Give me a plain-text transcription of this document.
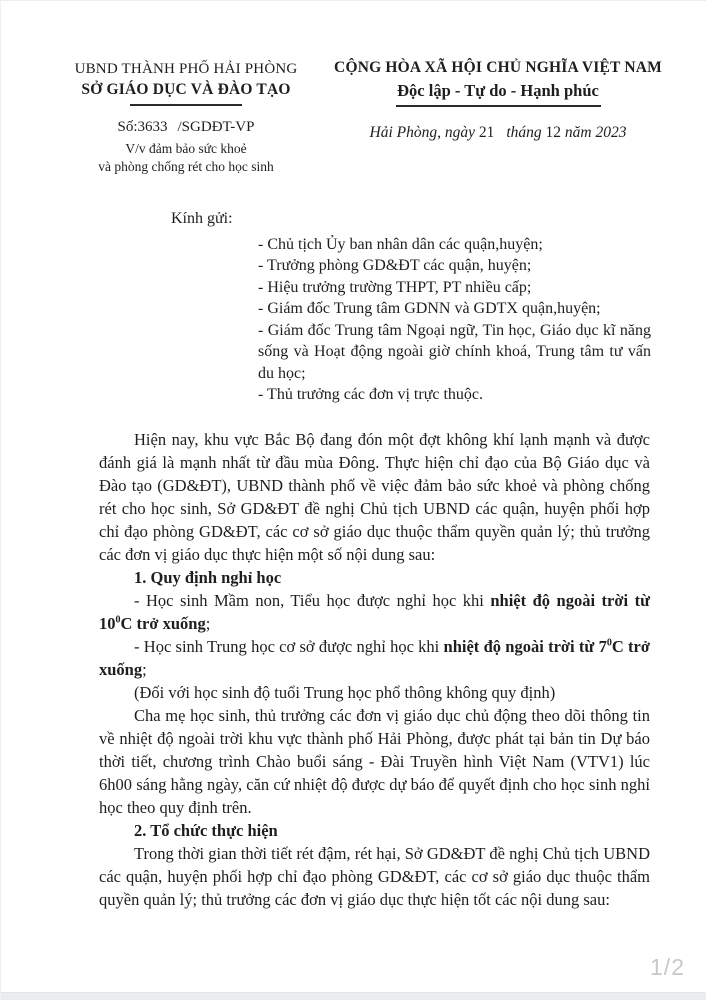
UBND THÀNH PHỐ HẢI PHÒNG
SỞ GIÁO DỤC VÀ ĐÀO TẠO
Số:3633 /SGDĐT-VP
V/v đảm bảo sức khoẻ
và phòng chống rét cho học sinh
CỘNG HÒA XÃ HỘI CHỦ NGHĨA VIỆT NAM
Độc lập - Tự do - Hạnh phúc
Hải Phòng, ngày 21 tháng 12 năm 2023
Kính gửi:
- Chủ tịch Ủy ban nhân dân các quận,huyện;
- Trưởng phòng GD&ĐT các quận, huyện;
- Hiệu trưởng trường THPT, PT nhiều cấp;
- Giám đốc Trung tâm GDNN và GDTX quận,huyện;
- Giám đốc Trung tâm Ngoại ngữ, Tin học, Giáo dục kĩ năng sống và Hoạt động ngoài giờ chính khoá, Trung tâm tư vấn du học;
- Thủ trưởng các đơn vị trực thuộc.

Hiện nay, khu vực Bắc Bộ đang đón một đợt không khí lạnh mạnh và được đánh giá là mạnh nhất từ đầu mùa Đông. Thực hiện chỉ đạo của Bộ Giáo dục và Đào tạo (GD&ĐT), UBND thành phố về việc đảm bảo sức khoẻ và phòng chống rét cho học sinh, Sở GD&ĐT đề nghị Chủ tịch UBND các quận, huyện phối hợp chỉ đạo phòng GD&ĐT, các cơ sở giáo dục thuộc thẩm quyền quản lý; thủ trưởng các đơn vị giáo dục thực hiện một số nội dung sau:

1. Quy định nghỉ học

- Học sinh Mầm non, Tiểu học được nghỉ học khi nhiệt độ ngoài trời từ $10^0C$ trở xuống;

- Học sinh Trung học cơ sở được nghỉ học khi nhiệt độ ngoài trời từ $7^0C$ trở xuống;

(Đối với học sinh độ tuổi Trung học phổ thông không quy định)

Cha mẹ học sinh, thủ trưởng các đơn vị giáo dục chủ động theo dõi thông tin về nhiệt độ ngoài trời khu vực thành phố Hải Phòng, được phát tại bản tin Dự báo thời tiết, chương trình Chào buổi sáng - Đài Truyền hình Việt Nam (VTV1) lúc 6h00 sáng hằng ngày, căn cứ nhiệt độ được dự báo để quyết định cho học sinh nghỉ học theo quy định trên.

2. Tổ chức thực hiện

Trong thời gian thời tiết rét đậm, rét hại, Sở GD&ĐT đề nghị Chủ tịch UBND các quận, huyện phối hợp chỉ đạo phòng GD&ĐT, các cơ sở giáo dục thuộc thẩm quyền quản lý; thủ trưởng các đơn vị giáo dục thực hiện tốt các nội dung sau:

1/2
